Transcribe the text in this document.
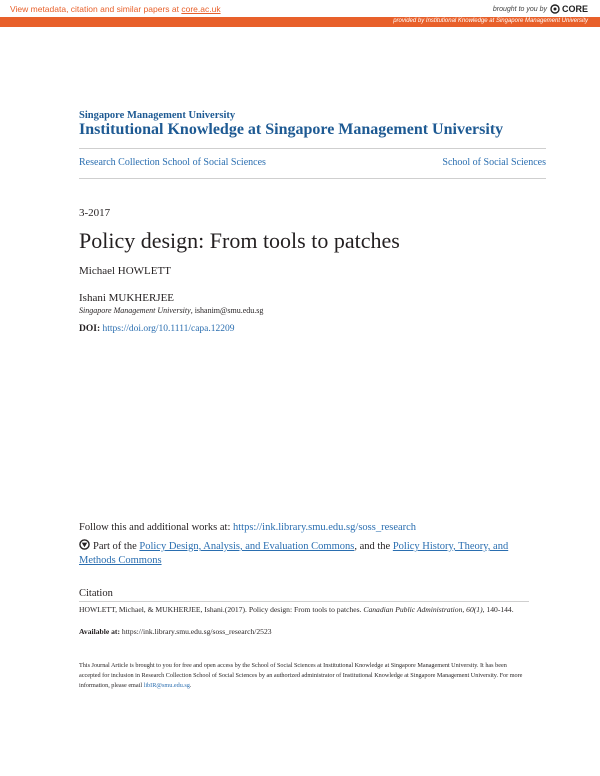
View metadata, citation and similar papers at core.ac.uk	brought to you by CORE
provided by Institutional Knowledge at Singapore Management University
Singapore Management University
Institutional Knowledge at Singapore Management University
Research Collection School of Social Sciences	School of Social Sciences
3-2017
Policy design: From tools to patches
Michael HOWLETT
Ishani MUKHERJEE
Singapore Management University, ishanim@smu.edu.sg
DOI: https://doi.org/10.1111/capa.12209
Follow this and additional works at: https://ink.library.smu.edu.sg/soss_research
Part of the Policy Design, Analysis, and Evaluation Commons, and the Policy History, Theory, and Methods Commons
Citation
HOWLETT, Michael, & MUKHERJEE, Ishani.(2017). Policy design: From tools to patches. Canadian Public Administration, 60(1), 140-144.
Available at: https://ink.library.smu.edu.sg/soss_research/2523
This Journal Article is brought to you for free and open access by the School of Social Sciences at Institutional Knowledge at Singapore Management University. It has been accepted for inclusion in Research Collection School of Social Sciences by an authorized administrator of Institutional Knowledge at Singapore Management University. For more information, please email libIR@smu.edu.sg.
